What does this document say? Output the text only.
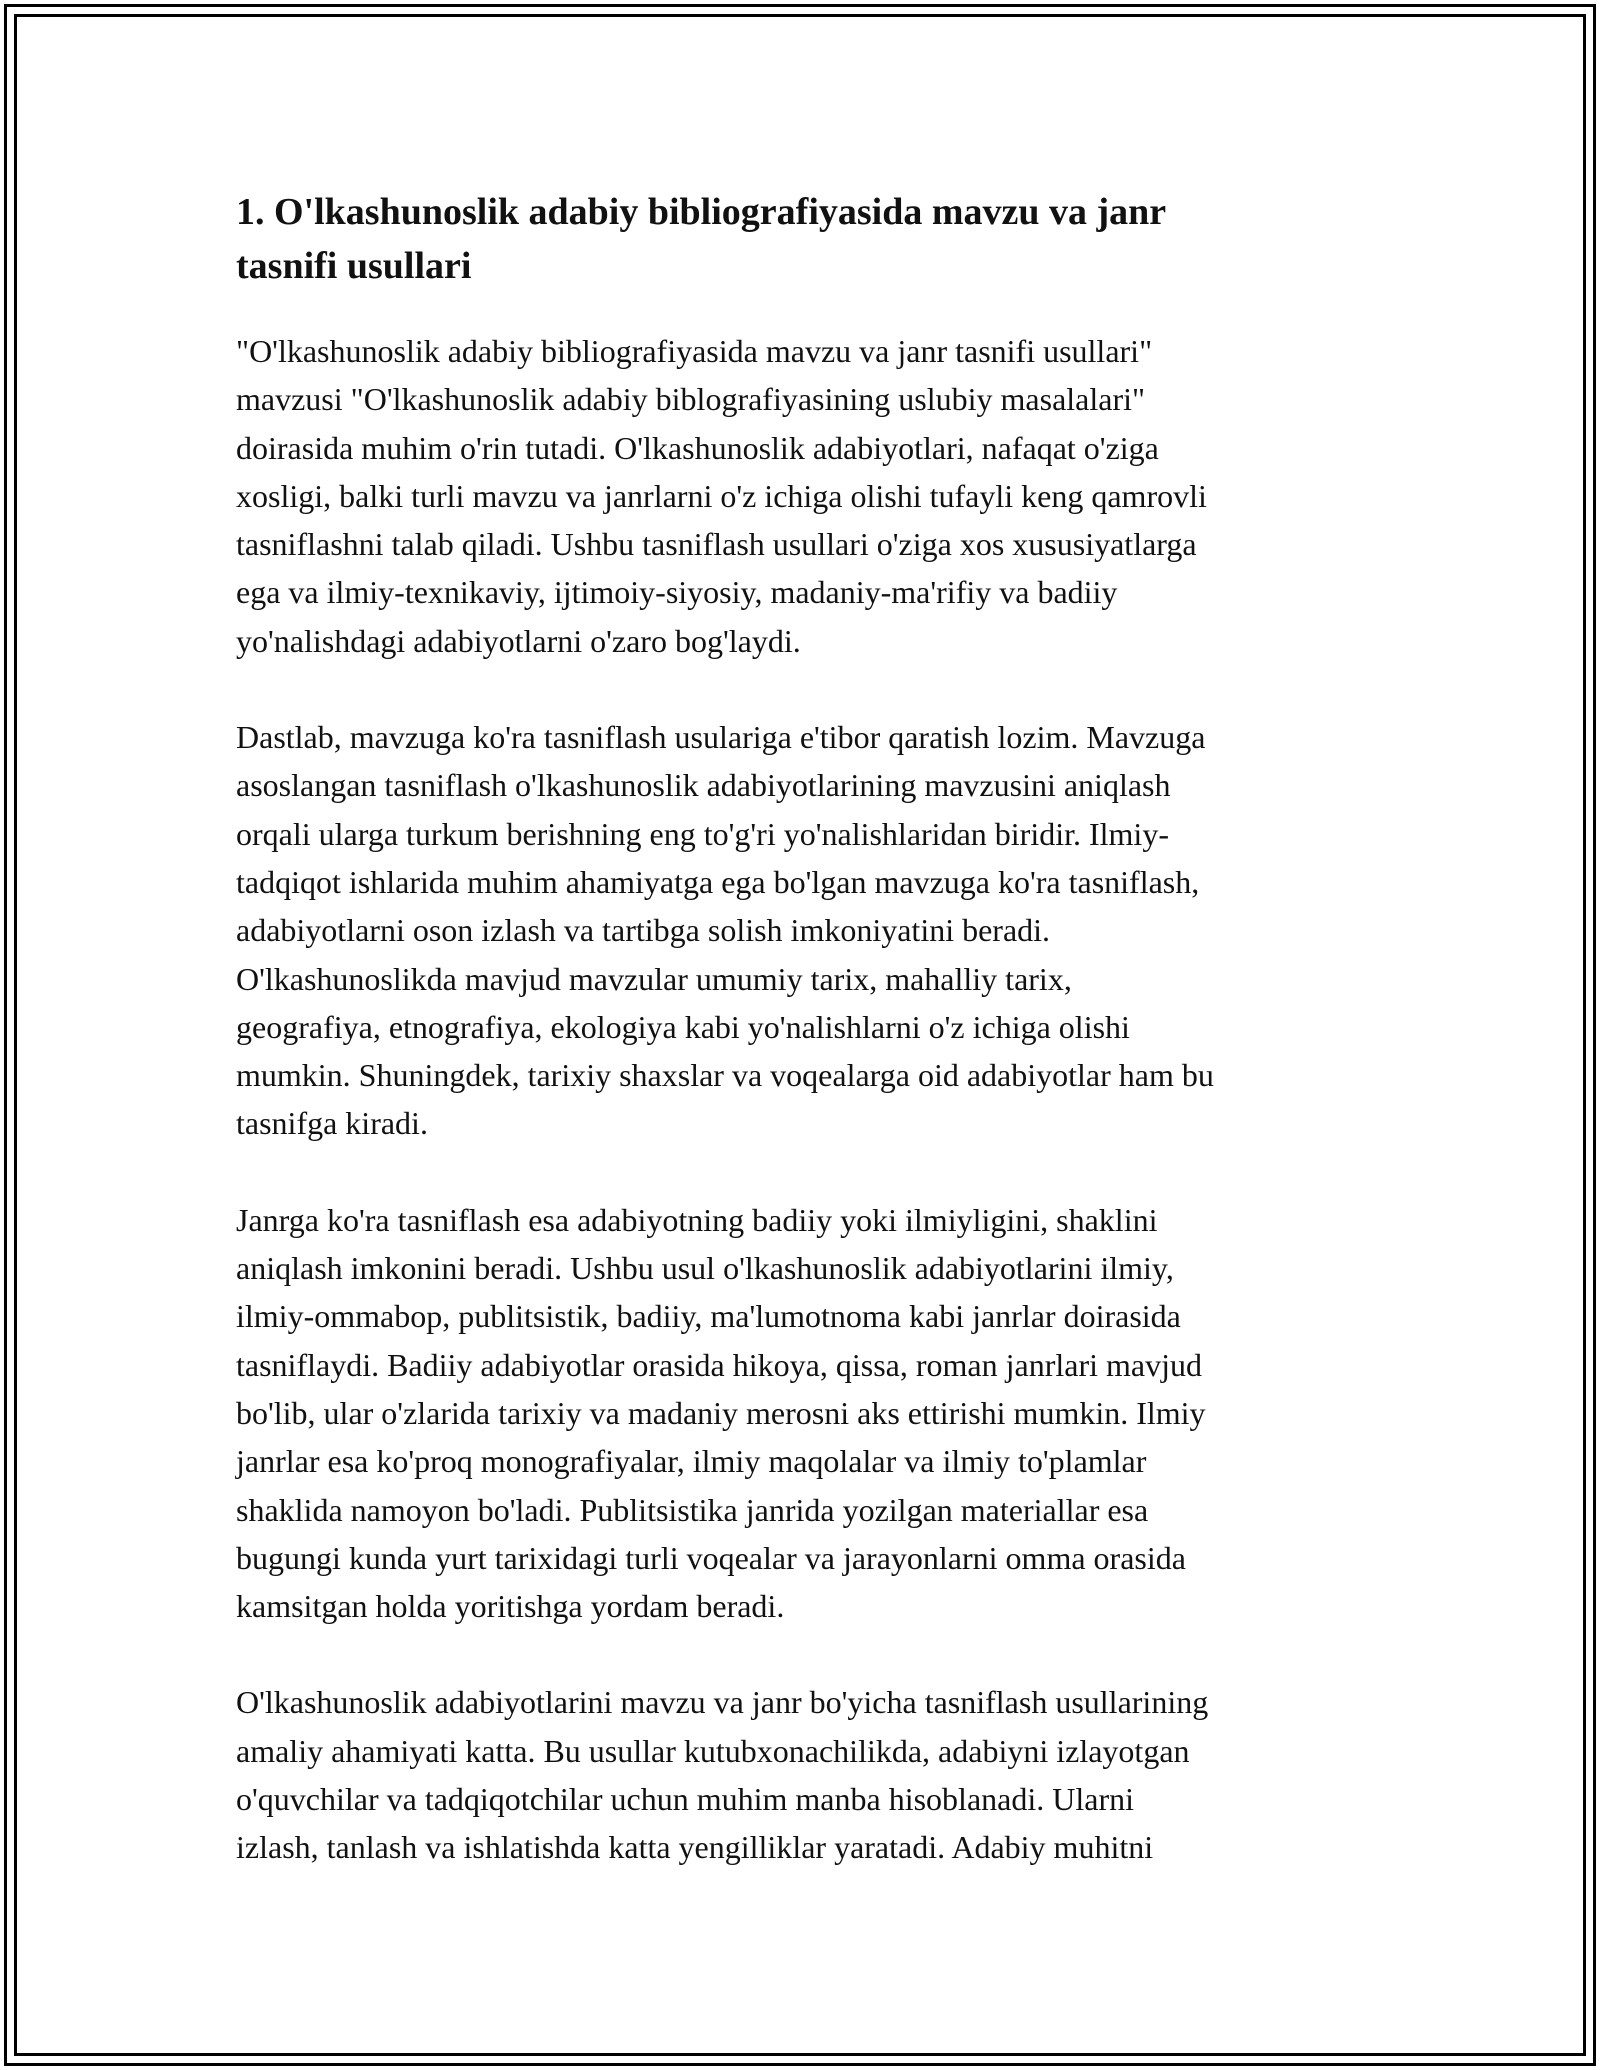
1. O'lkashunoslik adabiy bibliografiyasida mavzu va janr
tasnifi usullari

"O'lkashunoslik adabiy bibliografiyasida mavzu va janr tasnifi usullari"
mavzusi "O'lkashunoslik adabiy biblografiyasining uslubiy masalalari"
doirasida muhim o'rin tutadi. O'lkashunoslik adabiyotlari, nafaqat o'ziga
xosligi, balki turli mavzu va janrlarni o'z ichiga olishi tufayli keng qamrovli
tasniflashni talab qiladi. Ushbu tasniflash usullari o'ziga xos xususiyatlarga
ega va ilmiy-texnikaviy, ijtimoiy-siyosiy, madaniy-ma'rifiy va badiiy
yo'nalishdagi adabiyotlarni o'zaro bog'laydi.

Dastlab, mavzuga ko'ra tasniflash usulariga e'tibor qaratish lozim. Mavzuga
asoslangan tasniflash o'lkashunoslik adabiyotlarining mavzusini aniqlash
orqali ularga turkum berishning eng to'g'ri yo'nalishlaridan biridir. Ilmiy-
tadqiqot ishlarida muhim ahamiyatga ega bo'lgan mavzuga ko'ra tasniflash,
adabiyotlarni oson izlash va tartibga solish imkoniyatini beradi.
O'lkashunoslikda mavjud mavzular umumiy tarix, mahalliy tarix,
geografiya, etnografiya, ekologiya kabi yo'nalishlarni o'z ichiga olishi
mumkin. Shuningdek, tarixiy shaxslar va voqealarga oid adabiyotlar ham bu
tasnifga kiradi.

Janrga ko'ra tasniflash esa adabiyotning badiiy yoki ilmiyligini, shaklini
aniqlash imkonini beradi. Ushbu usul o'lkashunoslik adabiyotlarini ilmiy,
ilmiy-ommabop, publitsistik, badiiy, ma'lumotnoma kabi janrlar doirasida
tasniflaydi. Badiiy adabiyotlar orasida hikoya, qissa, roman janrlari mavjud
bo'lib, ular o'zlarida tarixiy va madaniy merosni aks ettirishi mumkin. Ilmiy
janrlar esa ko'proq monografiyalar, ilmiy maqolalar va ilmiy to'plamlar
shaklida namoyon bo'ladi. Publitsistika janrida yozilgan materiallar esa
bugungi kunda yurt tarixidagi turli voqealar va jarayonlarni omma orasida
kamsitgan holda yoritishga yordam beradi.

O'lkashunoslik adabiyotlarini mavzu va janr bo'yicha tasniflash usullarining
amaliy ahamiyati katta. Bu usullar kutubxonachilikda, adabiyni izlayotgan
o'quvchilar va tadqiqotchilar uchun muhim manba hisoblanadi. Ularni
izlash, tanlash va ishlatishda katta yengilliklar yaratadi. Adabiy muhitni
